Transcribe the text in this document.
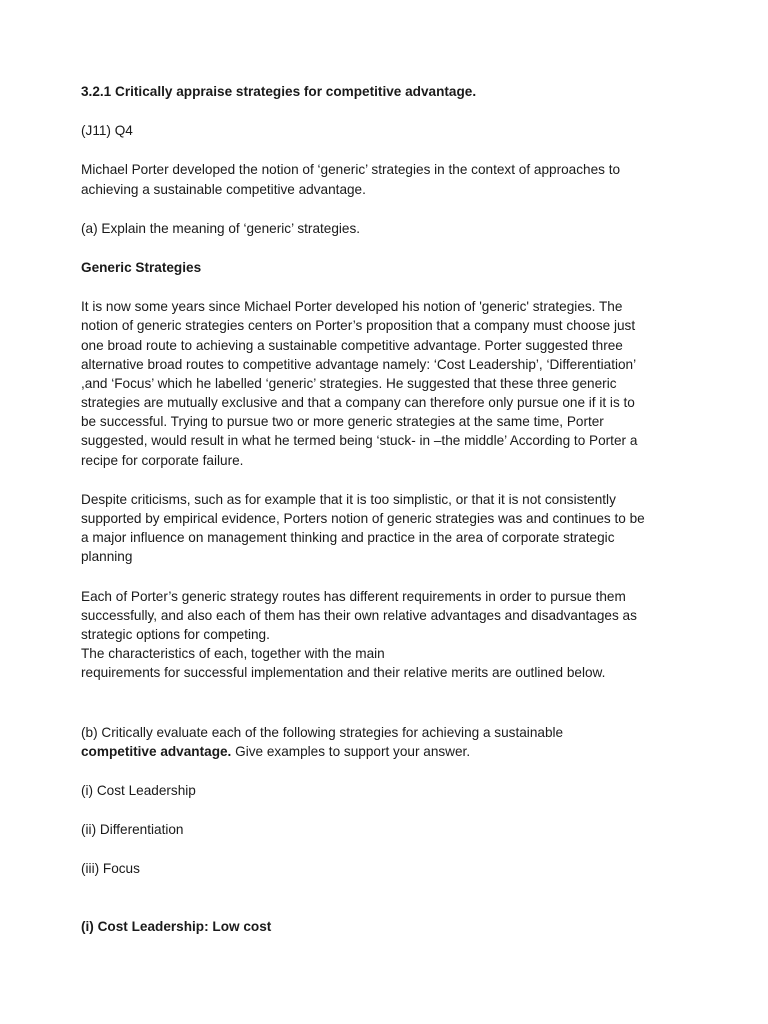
3.2.1 Critically appraise strategies for competitive advantage.
(J11) Q4
Michael Porter developed the notion of ‘generic’ strategies in the context of approaches to
achieving a sustainable competitive advantage.
(a) Explain the meaning of ‘generic’ strategies.
Generic Strategies
It is now some years since Michael Porter developed his notion of 'generic' strategies. The
notion of generic strategies centers on Porter’s proposition that a company must choose just
one broad route to achieving a sustainable competitive advantage. Porter suggested three
alternative broad routes to competitive advantage namely: ‘Cost Leadership’, ‘Differentiation’
,and ‘Focus’ which he labelled ‘generic’ strategies. He suggested that these three generic
strategies are mutually exclusive and that a company can therefore only pursue one if it is to
be successful. Trying to pursue two or more generic strategies at the same time, Porter
suggested, would result in what he termed being ‘stuck- in –the middle’ According to Porter a
recipe for corporate failure.
Despite criticisms, such as for example that it is too simplistic, or that it is not consistently
supported by empirical evidence, Porters notion of generic strategies was and continues to be
a major influence on management thinking and practice in the area of corporate strategic
planning
Each of Porter’s generic strategy routes has different requirements in order to pursue them
successfully, and also each of them has their own relative advantages and disadvantages as
strategic options for competing.
The characteristics of each, together with the main
requirements for successful implementation and their relative merits are outlined below.
(b) Critically evaluate each of the following strategies for achieving a sustainable
competitive advantage. Give examples to support your answer.
(i) Cost Leadership
(ii) Differentiation
(iii) Focus
(i) Cost Leadership: Low cost
